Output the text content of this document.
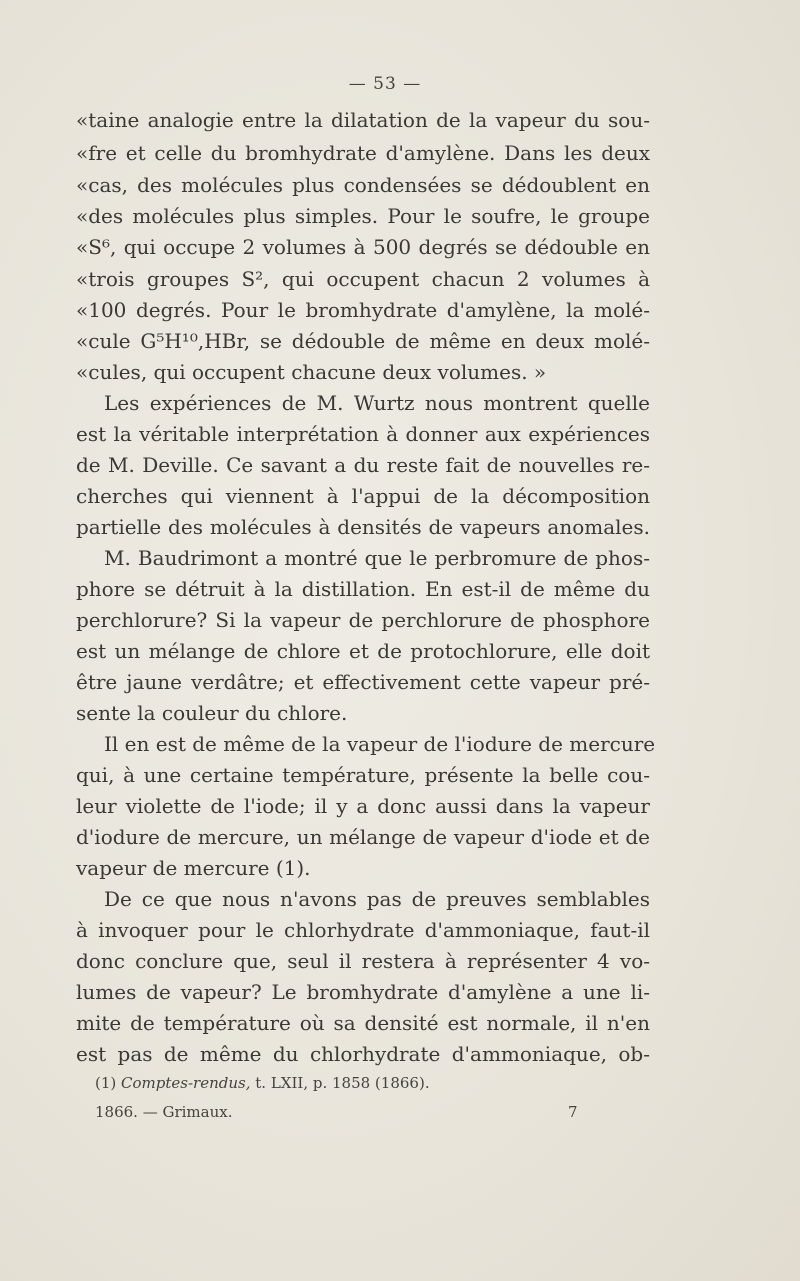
— 53 —
«taine analogie entre la dilatation de la vapeur du sou-
«fre et celle du bromhydrate d'amylène. Dans les deux
«cas, des molécules plus condensées se dédoublent en
«des molécules plus simples. Pour le soufre, le groupe
«S⁶, qui occupe 2 volumes à 500 degrés se dédouble en
«trois groupes S², qui occupent chacun 2 volumes à
«100 degrés. Pour le bromhydrate d'amylène, la molé-
«cule G⁵H¹⁰,HBr, se dédouble de même en deux molé-
«cules, qui occupent chacune deux volumes. »
Les expériences de M. Wurtz nous montrent quelle
est la véritable interprétation à donner aux expériences
de M. Deville. Ce savant a du reste fait de nouvelles re-
cherches qui viennent à l'appui de la décomposition
partielle des molécules à densités de vapeurs anomales.
M. Baudrimont a montré que le perbromure de phos-
phore se détruit à la distillation. En est-il de même du
perchlorure? Si la vapeur de perchlorure de phosphore
est un mélange de chlore et de protochlorure, elle doit
être jaune verdâtre; et effectivement cette vapeur pré-
sente la couleur du chlore.
Il en est de même de la vapeur de l'iodure de mercure
qui, à une certaine température, présente la belle cou-
leur violette de l'iode; il y a donc aussi dans la vapeur
d'iodure de mercure, un mélange de vapeur d'iode et de
vapeur de mercure (1).
De ce que nous n'avons pas de preuves semblables
à invoquer pour le chlorhydrate d'ammoniaque, faut-il
donc conclure que, seul il restera à représenter 4 vo-
lumes de vapeur? Le bromhydrate d'amylène a une li-
mite de température où sa densité est normale, il n'en
est pas de même du chlorhydrate d'ammoniaque, ob-
(1) Comptes-rendus, t. LXII, p. 1858 (1866).
1866. — Grimaux.	7
